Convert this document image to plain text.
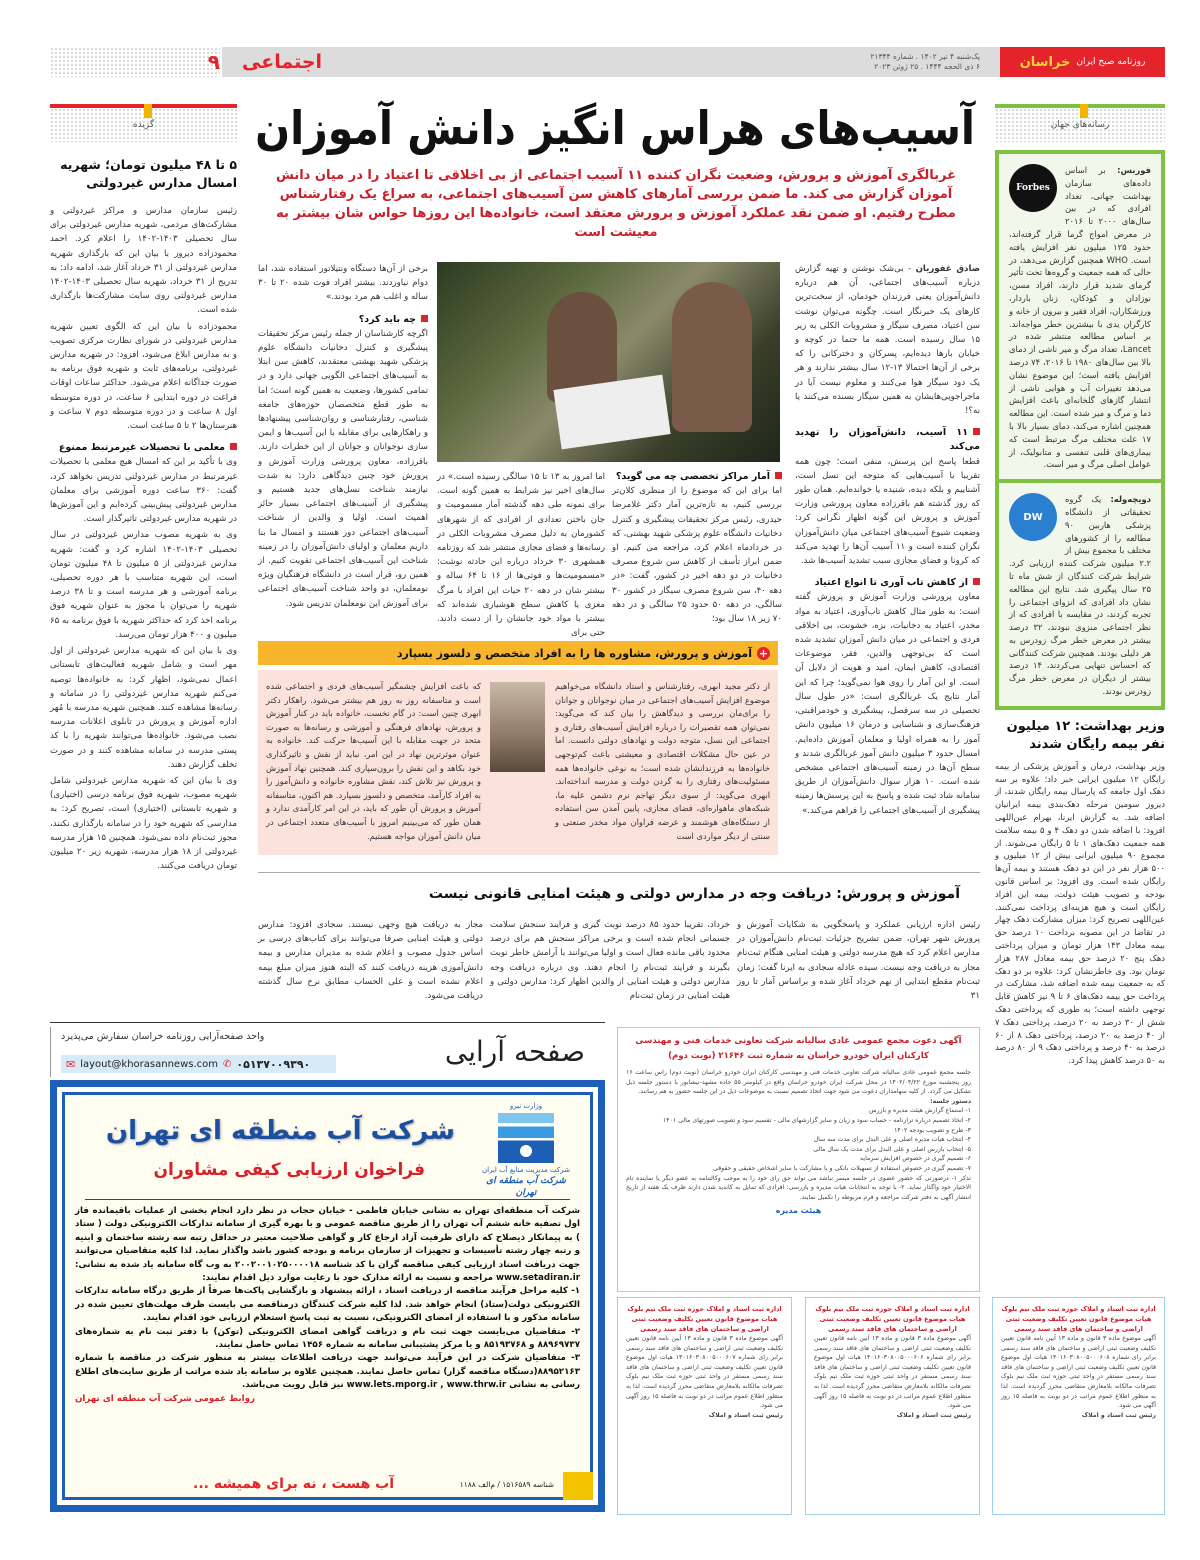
روزنامه صبح ایران
خراسان
یک‌شنبه ۴ تیر ۱۴۰۲ . شماره ۲۱۳۴۴
۶ ذی الحجه ۱۴۴۴ . ۲۵ ژوئن ۲۰۲۳
اجتماعی
۹
رسانه‌های جهان
Forbes
فوربس: بر اساس داده‌های سازمان بهداشت جهانی، تعداد افرادی که در بین سال‌های ۲۰۰۰ تا ۲۰۱۶ در معرض امواج گرما قرار گرفته‌اند، حدود ۱۲۵ میلیون نفر افزایش یافته است. WHO همچنین گزارش می‌دهد، در حالی که همه جمعیت و گروه‌ها تحت تأثیر گرمای شدید قرار دارند، افراد مسن، نوزادان و کودکان، زنان باردار، ورزشکاران، افراد فقیر و بیرون از خانه و کارگران یدی با بیشترین خطر مواجه‌اند. بر اساس مطالعه منتشر شده در Lancet، تعداد مرگ و میر ناشی از دمای بالا بین سال‌های ۱۹۸۰ تا ۲۰۱۶، ۷۴ درصد افزایش یافته است؛ این موضوع نشان می‌دهد تغییرات آب و هوایی ناشی از انتشار گازهای گلخانه‌ای باعث افزایش دما و مرگ و میر شده است. این مطالعه همچنین اشاره می‌کند، دمای بسیار بالا با ۱۷ علت مختلف مرگ مرتبط است که بیماری‌های قلبی تنفسی و متابولیک، از عوامل اصلی مرگ و میر است.
DW
دویچه‌وله: یک گروه تحقیقاتی از دانشگاه پزشکی هاربین ۹۰ مطالعه را از کشورهای مختلف با مجموع بیش از ۲.۲ میلیون شرکت کننده ارزیابی کرد. شرایط شرکت کنندگان از شش ماه تا ۲۵ سال پیگیری شد. نتایج این مطالعه نشان داد افرادی که انزوای اجتماعی را تجربه کردند، در مقایسه با افرادی که از نظر اجتماعی منزوی نبودند، ۳۲ درصد بیشتر در معرض خطر مرگ زودرس به هر دلیلی بودند. همچنین شرکت کنندگانی که احساس تنهایی می‌کردند، ۱۴ درصد بیشتر از دیگران در معرض خطر مرگ زودرس بودند.
وزیر بهداشت: ۱۲ میلیون نفر بیمه رایگان شدند
وزیر بهداشت، درمان و آموزش پزشکی از بیمه رایگان ۱۲ میلیون ایرانی خبر داد؛ علاوه بر سه دهک اول جامعه که پارسال بیمه رایگان شدند، از دیروز سومین مرحله دهک‌بندی بیمه ایرانیان اضافه شد. به گزارش ایرنا، بهرام عین‌اللهی افزود: با اضافه شدن دو دهک ۴ و ۵ بیمه سلامت همه جمعیت دهک‌های ۱ تا ۵ رایگان می‌شوند. از مجموع ۹۰ میلیون ایرانی بیش از ۱۲ میلیون و ۵۰۰ هزار نفر در این دو دهک هستند و بیمه آن‌ها رایگان شده است. وی افزود: بر اساس قانون بودجه و تصویب هیئت دولت، بیمه این افراد رایگان است و هیچ هزینه‌ای پرداخت نمی‌کنند. عین‌اللهی تصریح کرد: میزان مشارکت دهک چهار در تقاضا در این مصوبه برداخت ۱۰ درصد حق بیمه معادل ۱۴۳ هزار تومان و میزان پرداختی دهک پنج ۲۰ درصد حق بیمه معادل ۲۸۷ هزار تومان بود. وی خاطرنشان کرد: علاوه بر دو دهک که به جمعیت بیمه شده اضافه شد، مشارکت در پرداخت حق بیمه دهک‌های ۶ تا ۹ نیز کاهش قابل توجهی داشته است؛ به طوری که پرداختی دهک شش از ۳۰ درصد به ۲۰ درصد، پرداختی دهک ۷ از ۴۰ درصد به ۲۰ درصد، پرداختی دهک ۸ از ۶۰ درصد به ۴۰ درصد و پرداختی دهک ۹ از ۸۰ درصد به ۵۰ درصد کاهش پیدا کرد.
گزیده
۵ تا ۴۸ میلیون تومان؛ شهریه امسال مدارس غیردولتی

رئیس سازمان مدارس و مراکز غیردولتی و مشارکت‌های مردمی، شهریه مدارس غیردولتی برای سال تحصیلی ۱۴۰۳-۱۴۰۲ را اعلام کرد. احمد محمودزاده دیروز با بیان این که بارگذاری شهریه مدارس غیردولتی از ۳۱ خرداد آغاز شد، ادامه داد: به تدریج از ۳۱ خرداد، شهریه سال تحصیلی ۱۴۰۳-۱۴۰۲ مدارس غیردولتی روی سایت مشارکت‌ها بارگذاری شده است.

محمودزاده با بیان این که الگوی تعیین شهریه مدارس غیردولتی در شورای نظارت مرکزی تصویب و به مدارس ابلاغ می‌شود، افزود: در شهریه مدارس غیردولتی، برنامه‌های ثابت و شهریه فوق برنامه به صورت جداگانه اعلام می‌شود. حداکثر ساعات اوقات فراغت در دوره ابتدایی ۶ ساعت، در دوره متوسطه اول ۸ ساعت و در دوره متوسطه دوم ۷ ساعت و هنرستان‌ها ۲ تا ۵ ساعت است.

معلمی با تحصیلات غیرمرتبط ممنوع

وی با تأکید بر این که امسال هیچ معلمی با تحصیلات غیرمرتبط در مدارس غیردولتی تدریس نخواهد کرد، گفت: ۳۶۰ ساعت دوره آموزشی برای معلمان مدارس غیردولتی پیش‌بینی کرده‌ایم و این آموزش‌ها در شهریه مدارس غیردولتی تاثیرگذار است.

وی به شهریه مصوب مدارس غیردولتی در سال تحصیلی ۱۴۰۳-۱۴۰۲ اشاره کرد و گفت: شهریه مدارس غیردولتی از ۵ میلیون تا ۴۸ میلیون تومان است، این شهریه متناسب با هر دوره تحصیلی، برنامه آموزشی و هر مدرسه است و تا ۳۸ درصد شهریه را می‌توان با مجوز به عنوان شهریه فوق برنامه اخذ کرد که حداکثر شهریه با فوق برنامه به ۶۵ میلیون و ۴۰۰ هزار تومان می‌رسد.

وی با بیان این که شهریه مدارس غیردولتی از اول مهر است و شامل شهریه فعالیت‌های تابستانی اعمال نمی‌شود، اظهار کرد: به خانواده‌ها توصیه می‌کنم شهریه مدارس غیردولتی را در سامانه و رسانه‌ها مشاهده کنند. همچنین شهریه مدرسه با مُهر اداره آموزش و پرورش در تابلوی اعلانات مدرسه نصب می‌شود. خانواده‌ها می‌توانند شهریه را با کد پستی مدرسه در سامانه مشاهده کنند و در صورت تخلف گزارش دهند.

وی با بیان این که شهریه مدارس غیردولتی شامل شهریه مصوب، شهریه فوق برنامه درسی (اختیاری) و شهریه تابستانی (اختیاری) است، تصریح کرد: به مدارسی که شهریه خود را در سامانه بارگذاری نکنند، مجوز ثبت‌نام داده نمی‌شود. همچنین ۱۵ هزار مدرسه غیردولتی از ۱۸ هزار مدرسه، شهریه زیر ۲۰ میلیون تومان دریافت می‌کنند.

آسیب‌های هراس انگیز دانش آموزان
غربالگری آموزش و پرورش، وضعیت نگران کننده ۱۱ آسیب اجتماعی از بی اخلاقی تا اعتیاد را در میان دانش آموزان گزارش می کند. ما ضمن بررسی آمارهای کاهش سن آسیب‌های اجتماعی، به سراغ یک رفتارشناس مطرح رفتیم. او ضمن نقد عملکرد آموزش و پرورش معتقد است، خانواده‌ها این روزها حواس شان بیشتر به معیشت است

صادق غفوریان - بی‌شک نوشتن و تهیه گزارش درباره آسیب‌های اجتماعی، آن هم درباره دانش‌آموزان یعنی فرزندان خودمان، از سخت‌ترین کارهای یک خبرنگار است. چگونه می‌توان نوشت سن اعتیاد، مصرف سیگار و مشروبات الکلی به زیر ۱۵ سال رسیده است. همه ما حتما در کوچه و خیابان بارها دیده‌ایم، پسرکان و دخترکانی را که برخی از آن‌ها احتمالا ۱۳-۱۲ سال بیشتر ندارند و هر یک دود سیگار هوا می‌کنند و معلوم نیست آیا در ماجراجویی‌هایشان به همین سیگار بسنده می‌کنند یا نه؟!

۱۱ آسیب، دانش‌آموزان را تهدید می‌کند

قطعا پاسخ این پرسش، منفی است؛ چون همه تقریبا با آسیب‌هایی که متوجه این نسل است، آشناییم و بلکه دیده، شنیده یا خوانده‌ایم. همان طور که روز گذشته هم باقرزاده معاون پرورشی وزارت آموزش و پرورش این گونه اظهار نگرانی کرد: وضعیت شیوع آسیب‌های اجتماعی میان دانش‌آموزان نگران کننده است و ۱۱ آسیب آن‌ها را تهدید می‌کند که کرونا و فضای مجازی سبب تشدید آسیب‌ها شد.

از کاهش تاب آوری تا انواع اعتیاد

معاون پرورشی وزارت آموزش و پرورش گفته است: به طور مثال کاهش تاب‌آوری، اعتیاد به مواد مخدر، اعتیاد به دخانیات، بزه، خشونت، بی اخلاقی فردی و اجتماعی در میان دانش آموزان تشدید شده است که بی‌توجهی والدین، فقر، موضوعات اقتصادی، کاهش ایمان، امید و هویت از دلایل آن است. او این آمار را روی هوا نمی‌گوید؛ چرا که این آمار نتایج یک غربالگری است: «در طول سال تحصیلی در سه سرفصل، پیشگیری و خودمراقبتی، فرهنگ‌سازی و شناسایی و درمان ۱۶ میلیون دانش آموز را به همراه اولیا و معلمان آموزش داده‌ایم. امسال حدود ۳ میلیون دانش آموز غربالگری شدند و سطح آن‌ها در زمینه آسیب‌های اجتماعی مشخص شده است. ۱۰ هزار سوال دانش‌آموزان از طریق سامانه شاد ثبت شده و پاسخ به این پرسش‌ها زمینه پیشگیری از آسیب‌های اجتماعی را فراهم می‌کند.»

آمار مراکز تخصصی چه می گوید؟

اما برای این که موضوع را از منظری کلان‌تر بررسی کنیم، به تازه‌ترین آمار دکتر غلامرضا حیدری، رئیس مرکز تحقیقات پیشگیری و کنترل دخانیات دانشگاه علوم پزشکی شهید بهشتی، که در خردادماه اعلام کرد، مراجعه می کنیم. او ضمن ابراز تأسف از کاهش سن شروع مصرف دخانیات در دو دهه اخیر در کشور، گفت: «در دهه ۴۰، سن شروع مصرف سیگار در کشور ۳۰ سالگی، در دهه ۵۰ حدود ۲۵ سالگی و در دهه ۷۰ زیر ۱۸ سال بود؛

اما امروز به ۱۳ تا ۱۵ سالگی رسیده است.» در سال‌های اخیر نیز شرایط به همین گونه است. برای نمونه طی دهه گذشته آمار مسمومیت و جان باختن تعدادی از افرادی که از شهرهای کشورمان به دلیل مصرف مشروبات الکلی در رسانه‌ها و فضای مجازی منتشر شد که روزنامه همشهری ۳۰ خرداد درباره این حادثه نوشت: «مسمومیت‌ها و فوتی‌ها از ۱۶ تا ۶۴ ساله و بیشتر شان در دهه ۲۰ حیات این افراد با مرگ مغزی یا کاهش سطح هوشیاری شده‌اند که بیشتر با مواد خود جانشان را از دست دادند. حتی برای

برخی از آن‌ها دستگاه ونتیلاتور استفاده شد، اما دوام نیاوردند. بیشتر افراد فوت شده ۲۰ تا ۳۰ ساله و اغلب هم مرد بودند.»

چه باید کرد؟

اگرچه کارشناسان از جمله رئیس مرکز تحقیقات پیشگیری و کنترل دخانیات دانشگاه علوم پزشکی شهید بهشتی معتقدند، کاهش سن ابتلا به آسیب‌های اجتماعی الگویی جهانی دارد و در تمامی کشورها، وضعیت به همین گونه است؛ اما به طور قطع متخصصان حوزه‌های جامعه شناسی، رفتارشناسی و روان‌شناسی پیشنهادها و راهکارهایی برای مقابله با این آسیب‌ها و ایمن سازی نوجوانان و جوانان از این خطرات دارند. باقرزاده، معاون پرورشی وزارت آموزش و پرورش خود چنین دیدگاهی دارد: به شدت نیازمند شناخت نسل‌های جدید هستیم و پیشگیری از آسیب‌های اجتماعی بسیار حائز اهمیت است. اولیا و والدین از شناخت آسیب‌های اجتماعی دور هستند و امسال ما بنا داریم معلمان و اولیای دانش‌آموزان را در زمینه شناخت این آسیب‌های اجتماعی تقویت کنیم. از همین رو، قرار است در دانشگاه فرهنگیان ویژه نومعلمان، دو واحد شناخت آسیب‌های اجتماعی برای آموزش این نومعلمان تدریس شود.

+
آموزش و پرورش، مشاوره ها را به افراد متخصص و دلسوز بسپارد
از دکتر مجید ابهری، رفتارشناس و استاد دانشگاه می‌خواهیم موضوع افزایش آسیب‌های اجتماعی در میان نوجوانان و جوانان را برای‌مان بررسی و دیدگاهش را بیان کند که می‌گوید: نمی‌توان همه تقصیرات را درباره افزایش آسیب‌های رفتاری و اجتماعی این نسل، متوجه دولت و نهادهای دولتی دانست. اما در عین حال مشکلات اقتصادی و معیشتی باعث کم‌توجهی خانواده‌ها به فرزندانشان شده است؛ به نوعی خانواده‌ها همه مسئولیت‌های رفتاری را به گردن دولت و مدرسه انداخته‌اند. ابهری می‌گوید: از سوی دیگر تهاجم نرم دشمن علیه ما، شبکه‌های ماهواره‌ای، فضای مجازی، پایین آمدن سن استفاده از دستگاه‌های هوشمند و عرضه فراوان مواد مخدر صنعتی و سنتی از دیگر مواردی است
که باعث افزایش چشمگیر آسیب‌های فردی و اجتماعی شده است و متاسفانه روز به روز هم بیشتر می‌شود. راهکار دکتر ابهری چنین است: در گام نخست، خانواده باید در کنار آموزش و پرورش، نهادهای فرهنگی و آموزشی و رسانه‌ها به صورت متحد در جهت مقابله با این آسیب‌ها حرکت کند. خانواده به عنوان موثرترین نهاد در این امر، نباید از نقش و تاثیرگذاری خود بکاهد و این نقش را برون‌سپاری کند. همچنین نهاد آموزش و پرورش نیز تلاش کند، نقش مشاوره خانواده و دانش‌آموز را به افراد کارآمد، متخصص و دلسوز بسپارد. هم اکنون، متاسفانه آموزش و پرورش آن طور که باید، در این امر کارآمدی ندارد و همان طور که می‌بینیم امروز با آسیب‌های متعدد اجتماعی در میان دانش آموزان مواجه هستیم.
آموزش و پرورش: دریافت وجه در مدارس دولتی و هیئت امنایی قانونی نیست
رئیس اداره ارزیابی عملکرد و پاسخگویی به شکایات آموزش و پرورش شهر تهران، ضمن تشریح جزئیات ثبت‌نام دانش‌آموزان در مدارس اعلام کرد که هیچ مدرسه دولتی و هیئت امنایی هنگام ثبت‌نام مجاز به دریافت وجه نیست. سیده عادله سجادی به ایرنا گفت: زمان ثبت‌نام مقطع ابتدایی از نهم خرداد آغاز شده و براساس آمار تا روز ۳۱
خرداد، تقریبا حدود ۸۵ درصد نوبت گیری و فرایند سنجش سلامت جسمانی انجام شده است و برخی مراکز سنجش هم برای درصد محدود باقی مانده فعال است و اولیا می‌توانند با آرامش خاطر نوبت بگیرند و فرایند ثبت‌نام را انجام دهند. وی درباره دریافت وجه مدارس دولتی و هیئت امنایی از والدین اظهار کرد: مدارس دولتی و هیئت امنایی در زمان ثبت‌نام
مجاز به دریافت هیچ وجهی نیستند. سجادی افزود: مدارس دولتی و هیئت امنایی صرفا می‌توانند برای کتاب‌های درسی بر اساس جدول مصوب و اعلام شده به مدیران مدارس و بیمه دانش‌آموزی هزینه دریافت کنند که البته هنوز میزان مبلغ بیمه اعلام نشده است و علی الحساب مطابق نرخ سال گذشته دریافت می‌شود.
صفحه آرایی
واحد صفحه‌آرایی روزنامه خراسان سفارش می‌پذیرد
✉ layout@khorasannews.com ✆ ۰۵۱۳۷۰۰۹۳۹۰
وزارت نیرو
شرکت مدیریت منابع آب ایران
شرکت آب منطقه ای تهران
شرکت آب منطقه ای تهران
فراخوان ارزیابی کیفی مشاوران

شرکت آب منطقه‌ای تهران به نشانی خیابان فاطمی - خیابان حجاب در نظر دارد انجام بخشی از عملیات باقیمانده فاز اول تصفیه خانه ششم آب تهران را از طریق مناقصه عمومی و با بهره گیری از سامانه تدارکات الکترونیکی دولت ( ستاد ) به پیمانکار ذیصلاح که دارای ظرفیت آزاد ارجاع کار و گواهی صلاحیت معتبر در حداقل رتبه سه رشته ساختمان و ابنیه و رتبه چهار رشته تأسیسات و تجهیزات از سازمان برنامه و بودجه کشور باشد واگذار نماید. لذا کلیه متقاضیان می‌توانند جهت دریافت اسناد ارزیابی کیفی مناقصه گران با کد شناسه ۲۰۰۲۰۰۱۰۲۵۰۰۰۰۱۸ به وب گاه سامانه یاد شده به نشانی: www.setadiran.ir مراجعه و نسبت به ارائه مدارک خود با رعایت موارد ذیل اقدام نمایند:

۱- کلیه مراحل فرآیند مناقصه از دریافت اسناد ، ارائه پیشنهاد و بازگشایی پاکت‌ها صرفاً از طریق درگاه سامانه تدارکات الکترونیکی دولت(ستاد) انجام خواهد شد. لذا کلیه شرکت کنندگان درمناقصه می بایست ظرف مهلت‌های تعیین شده در سامانه مذکور و با استفاده از امضای الکترونیکی، نسبت به ثبت پاسخ استعلام ارزیابی خود اقدام نمایند.

۲- متقاضیان می‌بایست جهت ثبت نام و دریافت گواهی امضای الکترونیکی (توکن) با دفتر ثبت نام به شماره‌های ۸۸۹۶۹۷۳۷ و ۸۵۱۹۳۷۶۸ و یا مرکز پشتیبانی سامانه به شماره ۱۴۵۶ تماس حاصل نمایند.

۳- متقاضیان شرکت در این فرآیند می‌توانند جهت دریافت اطلاعات بیشتر به منظور شرکت در مناقصه با شماره ۸۸۹۵۲۱۶۳(دستگاه مناقصه گزار) تماس حاصل نمایند. همچنین علاوه بر سامانه یاد شده مراتب از طریق سایت‌های اطلاع رسانی به نشانی www.lets.mporg.ir , www.thrw.ir نیز قابل رویت می‌باشد.

روابط عمومی شرکت آب منطقه ای تهران

شناسه ۱۵۱۶۵۸۹ / م‌الف ۱۱۸۸
آب هست ، نه برای همیشه ...
آگهی دعوت مجمع عمومی عادی سالیانه شرکت تعاونی خدمات فنی و مهندسی کارکنان ایران خودرو خراسان به شماره ثبت ۲۱۶۴۶ (نوبت دوم)
جلسه مجمع عمومی عادی سالیانه شرکت تعاونی خدمات فنی و مهندسی کارکنان ایران خودرو خراسان (نوبت دوم) راس ساعت ۱۶ روز پنجشنبه مورخ ۱۴۰۲/۰۴/۲۲ در محل شرکت ایران خودرو خراسان واقع در کیلومتر ۵۵ جاده مشهد-نیشابور با دستور جلسه ذیل تشکیل می گردد. از کلیه سهامداران دعوت می شود جهت اتخاذ تصمیم نسبت به موضوعات ذیل در این جلسه حضور به هم رسانند.
دستور جلسه:
۱- استماع گزارش هیئت مدیره و بازرس
۲- اتخاذ تصمیم درباره ترازنامه - حساب سود و زیان و سایر گزارشهای مالی - تقسیم سود و تصویب صورتهای مالی ۱۴۰۱
۳- طرح و تصویب بودجه ۱۴۰۲
۴- انتخاب هیات مدیره اصلی و علی البدل برای مدت سه سال
۵- انتخاب بازرس اصلی و علی البدل برای مدت یک سال مالی
۶- تصمیم گیری در خصوص افزایش سرمایه
۷- تصمیم گیری در خصوص استفاده از تسهیلات بانکی و یا مشارکت با سایر اشخاص حقیقی و حقوقی
تذکر ۱- درصورتی که حضور عضوی در جلسه میسر نباشد می تواند حق رای خود را به موجب وکالتنامه به عضو دیگر یا نماینده تام الاختیار خود واگذار نماید. ۲- با توجه به انتخابات هیات مدیره و بازرسی: افرادی که تمایل به کاندید شدن دارند ظرف یک هفته از تاریخ انتشار آگهی به دفتر شرکت مراجعه و فرم مربوطه را تکمیل نمایند.
هیئت مدیره
اداره ثبت اسناد و املاک حوزه ثبت ملک نیم بلوک
هیات موضوع قانون تعیین تکلیف وضعیت ثبتی اراضی و ساختمان های فاقد سند رسمی
آگهی موضوع ماده ۳ قانون و ماده ۱۳ آیین نامه قانون تعیین تکلیف وضعیت ثبتی اراضی و ساختمان های فاقد سند رسمی برابر رای شماره ۱۴۰۱۶۰۳۰۸۰۰۵۰۰۰۶۰۷ هیات اول موضوع قانون تعیین تکلیف وضعیت ثبتی اراضی و ساختمان های فاقد سند رسمی مستقر در واحد ثبتی حوزه ثبت ملک نیم بلوک تصرفات مالکانه بلامعارض متقاضی محرز گردیده است. لذا به منظور اطلاع عموم مراتب در دو نوبت به فاصله ۱۵ روز آگهی می شود.
رئیس ثبت اسناد و املاک
اداره ثبت اسناد و املاک حوزه ثبت ملک نیم بلوک
هیات موضوع قانون تعیین تکلیف وضعیت ثبتی اراضی و ساختمان های فاقد سند رسمی
آگهی موضوع ماده ۳ قانون و ماده ۱۳ آیین نامه قانون تعیین تکلیف وضعیت ثبتی اراضی و ساختمان های فاقد سند رسمی برابر رای شماره ۱۴۰۱۶۰۳۰۸۰۰۵۰۰۰۶۰۶ هیات اول موضوع قانون تعیین تکلیف وضعیت ثبتی اراضی و ساختمان های فاقد سند رسمی مستقر در واحد ثبتی حوزه ثبت ملک نیم بلوک تصرفات مالکانه بلامعارض متقاضی محرز گردیده است. لذا به منظور اطلاع عموم مراتب در دو نوبت به فاصله ۱۵ روز آگهی می شود.
رئیس ثبت اسناد و املاک
اداره ثبت اسناد و املاک حوزه ثبت ملک نیم بلوک
هیات موضوع قانون تعیین تکلیف وضعیت ثبتی اراضی و ساختمان های فاقد سند رسمی
آگهی موضوع ماده ۳ قانون و ماده ۱۳ آیین نامه قانون تعیین تکلیف وضعیت ثبتی اراضی و ساختمان های فاقد سند رسمی برابر رای شماره ۱۴۰۱۶۰۳۰۸۰۰۵۰۰۰۶۰۸ هیات اول موضوع قانون تعیین تکلیف وضعیت ثبتی اراضی و ساختمان های فاقد سند رسمی مستقر در واحد ثبتی حوزه ثبت ملک نیم بلوک تصرفات مالکانه بلامعارض متقاضی محرز گردیده است. لذا به منظور اطلاع عموم مراتب در دو نوبت به فاصله ۱۵ روز آگهی می شود.
رئیس ثبت اسناد و املاک
